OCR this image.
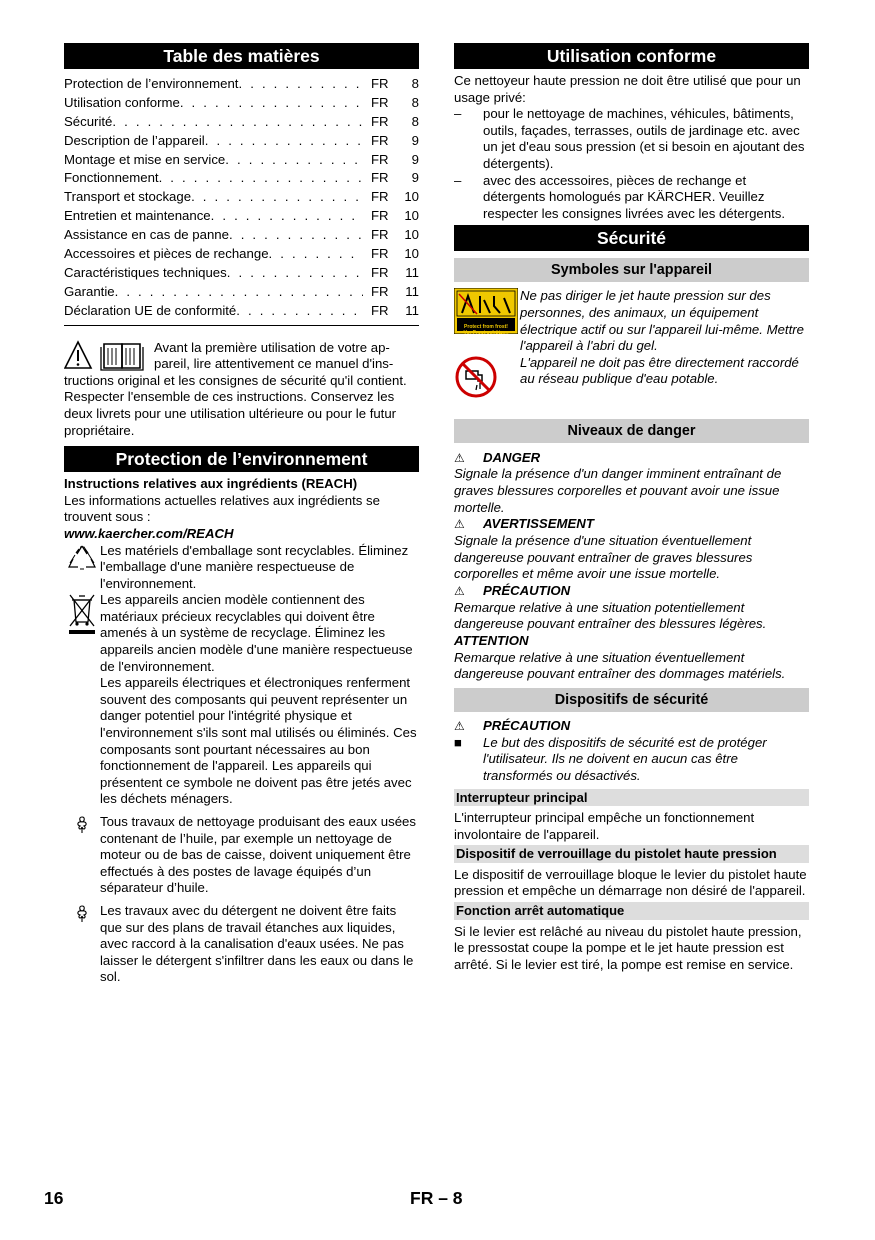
Table des matières
Protection de l’environnement . . .	FR	8
Utilisation conforme . . .	FR	8
Sécurité . . .	FR	8
Description de l’appareil . . .	FR	9
Montage et mise en service . . .	FR	9
Fonctionnement . . .	FR	9
Transport et stockage . . .	FR	10
Entretien et maintenance . . .	FR	10
Assistance en cas de panne . . .	FR	10
Accessoires et pièces de rechange . . .	FR	10
Caractéristiques techniques . . .	FR	11
Garantie . . .	FR	11
Déclaration UE de conformité . . .	FR	11

Avant la première utilisation de votre ap-

pareil, lire attentivement ce manuel d'ins-

tructions original et les consignes de sécurité qu'il contient. Respecter l'ensemble de ces instructions. Conservez les deux livrets pour une utilisation ultérieure ou pour le futur propriétaire.

Protection de l’environnement

Instructions relatives aux ingrédients (REACH)

Les informations actuelles relatives aux ingrédients se trouvent sous :

www.kaercher.com/REACH

Les matériels d'emballage sont recyclables. Éliminez l'emballage d'une manière respectueuse de l'environnement.

Les appareils ancien modèle contiennent des matériaux précieux recyclables qui doivent être amenés à un système de recyclage. Éliminez les appareils ancien modèle d'une manière respectueuse de l'environnement.

Les appareils électriques et électroniques renferment souvent des composants qui peuvent représenter un danger potentiel pour l'intégrité physique et l'environnement s'ils sont mal utilisés ou éliminés. Ces composants sont pourtant nécessaires au bon fonctionnement de l'appareil. Les appareils qui présentent ce symbole ne doivent pas être jetés avec les déchets ménagers.

Tous travaux de nettoyage produisant des eaux usées contenant de l’huile, par exemple un nettoyage de moteur ou de bas de caisse, doivent uniquement être effectués à des postes de lavage équipés d’un séparateur d’huile.

Les travaux avec du détergent ne doivent être faits que sur des plans de travail étanches aux liquides, avec raccord à la canalisation d'eaux usées. Ne pas laisser le détergent s'infiltrer dans les eaux ou dans le sol.

Utilisation conforme

Ce nettoyeur haute pression ne doit être utilisé que pour un usage privé:

–	pour le nettoyage de machines, véhicules, bâtiments, outils, façades, terrasses, outils de jardinage etc. avec un jet d'eau sous pression (et si besoin en ajoutant des détergents).

–	avec des accessoires, pièces de rechange et détergents homologués par KÄRCHER. Veuillez respecter les consignes livrées avec les détergents.

Sécurité
Symboles sur l'appareil
Protect from frost!
Vor Frost schützen

Ne pas diriger le jet haute pression sur des personnes, des animaux, un équipement électrique actif ou sur l'appareil lui-même. Mettre l'appareil à l'abri du gel.

L'appareil ne doit pas être directement raccordé au réseau publique d'eau potable.

Niveaux de danger
⚠	DANGER

Signale la présence d'un danger imminent entraînant de graves blessures corporelles et pouvant avoir une issue mortelle.

⚠	AVERTISSEMENT

Signale la présence d'une situation éventuellement dangereuse pouvant entraîner de graves blessures corporelles et même avoir une issue mortelle.

⚠	PRÉCAUTION

Remarque relative à une situation potentiellement dangereuse pouvant entraîner des blessures légères.

ATTENTION

Remarque relative à une situation éventuellement dangereuse pouvant entraîner des dommages matériels.

Dispositifs de sécurité
⚠	PRÉCAUTION
■	Le but des dispositifs de sécurité est de protéger l'utilisateur. Ils ne doivent en aucun cas être transformés ou désactivés.

Interrupteur principal

L'interrupteur principal empêche un fonctionnement involontaire de l'appareil.

Dispositif de verrouillage du pistolet haute pression

Le dispositif de verrouillage bloque le levier du pistolet haute pression et empêche un démarrage non désiré de l'appareil.

Fonction arrêt automatique

Si le levier est relâché au niveau du pistolet haute pression, le pressostat coupe la pompe et le jet haute pression est arrêté. Si le levier est tiré, la pompe est remise en service.

16	FR – 8
